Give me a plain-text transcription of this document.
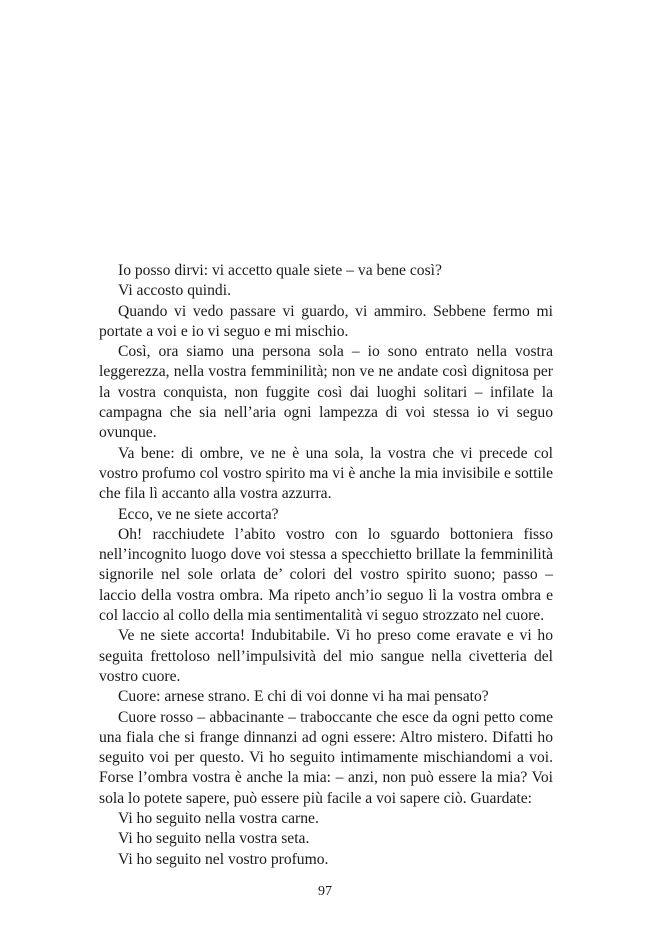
Io posso dirvi: vi accetto quale siete – va bene così?

Vi accosto quindi.

Quando vi vedo passare vi guardo, vi ammiro. Sebbene fermo mi portate a voi e io vi seguo e mi mischio.

Così, ora siamo una persona sola – io sono entrato nella vostra leggerezza, nella vostra femminilità; non ve ne andate così dignitosa per la vostra conquista, non fuggite così dai luoghi solitari – infilate la campagna che sia nell’aria ogni lampezza di voi stessa io vi seguo ovunque.

Va bene: di ombre, ve ne è una sola, la vostra che vi precede col vostro profumo col vostro spirito ma vi è anche la mia invisibile e sottile che fila lì accanto alla vostra azzurra.

Ecco, ve ne siete accorta?

Oh! racchiudete l’abito vostro con lo sguardo bottoniera fisso nell’incognito luogo dove voi stessa a specchietto brillate la femminilità signorile nel sole orlata de’ colori del vostro spirito suono; passo – laccio della vostra ombra. Ma ripeto anch’io seguo lì la vostra ombra e col laccio al collo della mia sentimentalità vi seguo strozzato nel cuore.

Ve ne siete accorta! Indubitabile. Vi ho preso come eravate e vi ho seguita frettoloso nell’impulsività del mio sangue nella civetteria del vostro cuore.

Cuore: arnese strano. E chi di voi donne vi ha mai pensato?

Cuore rosso – abbacinante – traboccante che esce da ogni petto come una fiala che si frange dinnanzi ad ogni essere: Altro mistero. Difatti ho seguito voi per questo. Vi ho seguito intimamente mischiandomi a voi. Forse l’ombra vostra è anche la mia: – anzi, non può essere la mia? Voi sola lo potete sapere, può essere più facile a voi sapere ciò. Guardate:

Vi ho seguito nella vostra carne.

Vi ho seguito nella vostra seta.

Vi ho seguito nel vostro profumo.

97
